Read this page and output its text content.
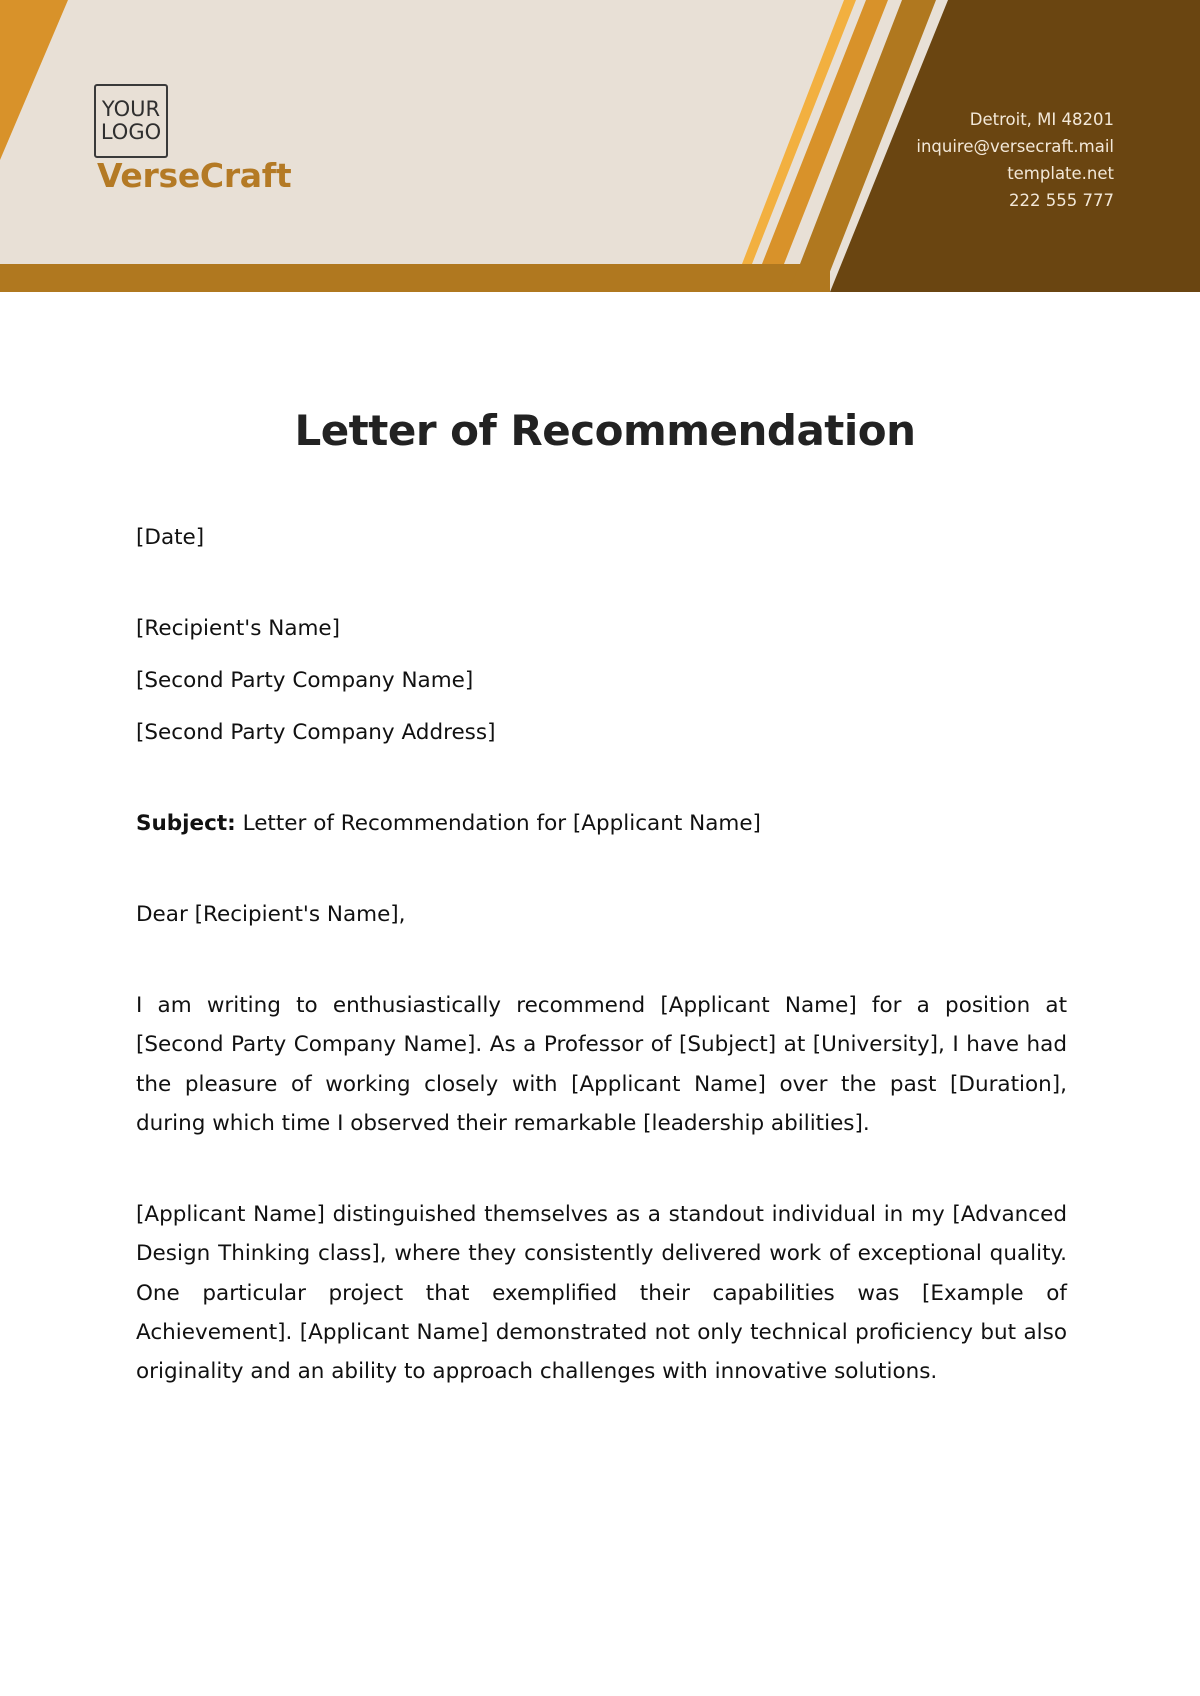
YOUR
LOGO
VerseCraft
Detroit, MI 48201
inquire@versecraft.mail
template.net
222 555 777
Letter of Recommendation
[Date]
[Recipient's Name]
[Second Party Company Name]
[Second Party Company Address]
Subject: Letter of Recommendation for [Applicant Name]
Dear [Recipient's Name],
I am writing to enthusiastically recommend [Applicant Name] for a position at [Second Party Company Name]. As a Professor of [Subject] at [University], I have had the pleasure of working closely with [Applicant Name] over the past [Duration], during which time I observed their remarkable [leadership abilities].
[Applicant Name] distinguished themselves as a standout individual in my [Advanced Design Thinking class], where they consistently delivered work of exceptional quality. One particular project that exemplified their capabilities was [Example of Achievement]. [Applicant Name] demonstrated not only technical proficiency but also originality and an ability to approach challenges with innovative solutions.
